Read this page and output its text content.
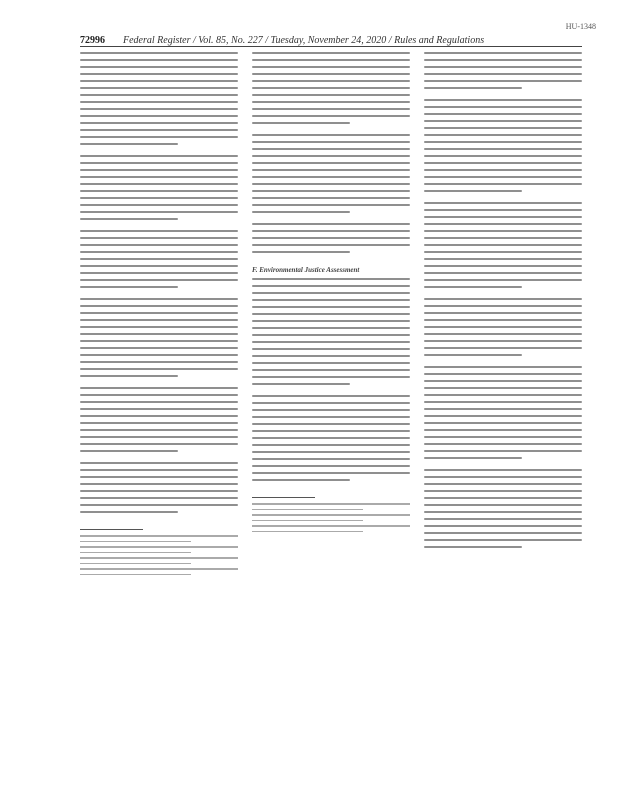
HU-1348
72996 Federal Register / Vol. 85, No. 227 / Tuesday, November 24, 2020 / Rules and Regulations
F. Environmental Justice Assessment
